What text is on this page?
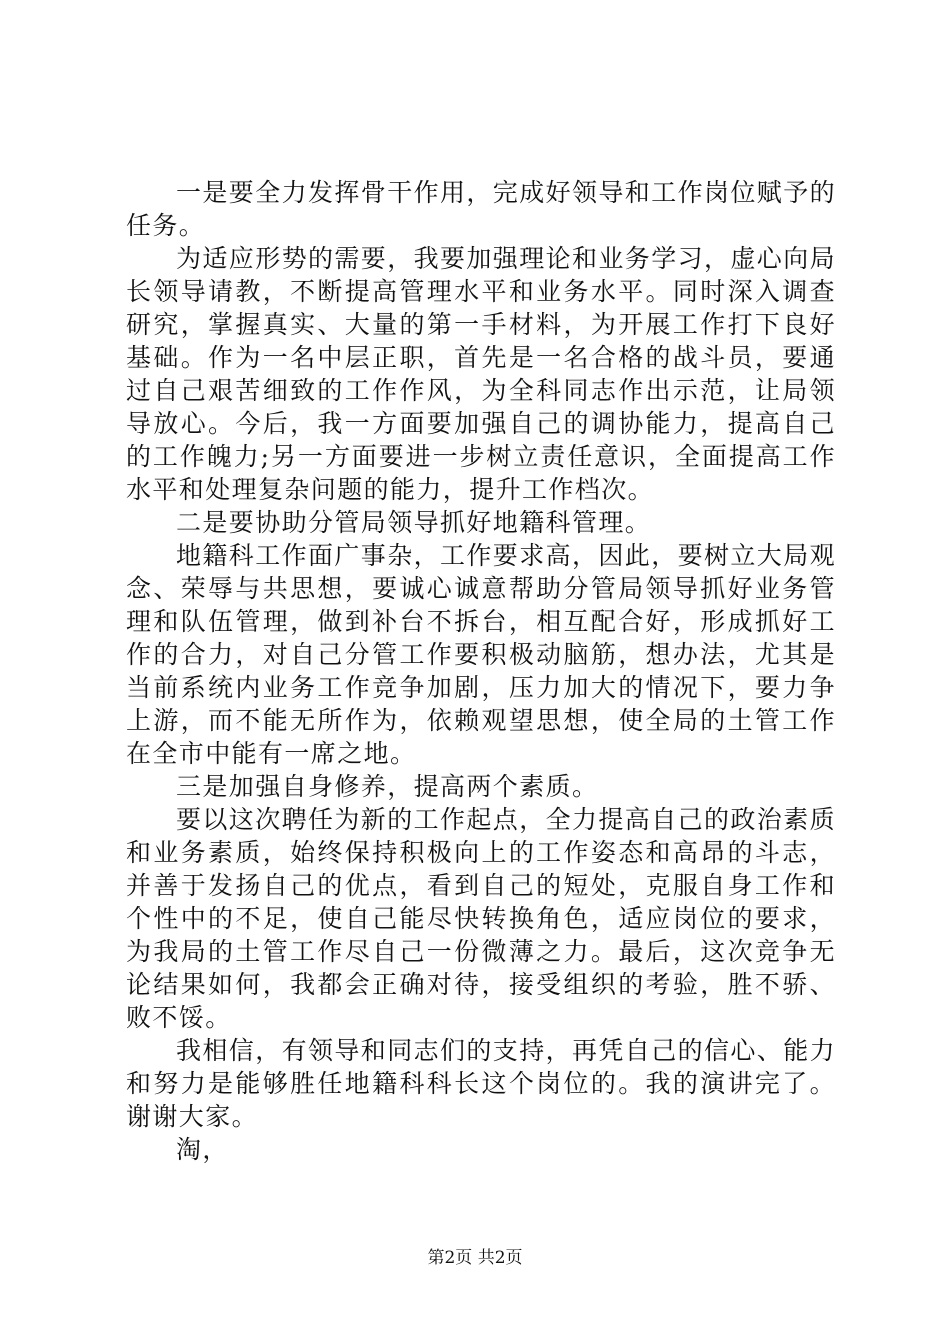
一是要全力发挥骨干作用，完成好领导和工作岗位赋予的任务。

为适应形势的需要，我要加强理论和业务学习，虚心向局长领导请教，不断提高管理水平和业务水平。同时深入调查研究，掌握真实、大量的第一手材料，为开展工作打下良好基础。作为一名中层正职，首先是一名合格的战斗员，要通过自己艰苦细致的工作作风，为全科同志作出示范，让局领导放心。今后，我一方面要加强自己的调协能力，提高自己的工作魄力;另一方面要进一步树立责任意识，全面提高工作水平和处理复杂问题的能力，提升工作档次。

二是要协助分管局领导抓好地籍科管理。

地籍科工作面广事杂，工作要求高，因此，要树立大局观念、荣辱与共思想，要诚心诚意帮助分管局领导抓好业务管理和队伍管理，做到补台不拆台，相互配合好，形成抓好工作的合力，对自己分管工作要积极动脑筋，想办法，尤其是当前系统内业务工作竞争加剧，压力加大的情况下，要力争上游，而不能无所作为，依赖观望思想，使全局的土管工作在全市中能有一席之地。

三是加强自身修养，提高两个素质。

要以这次聘任为新的工作起点，全力提高自己的政治素质和业务素质，始终保持积极向上的工作姿态和高昂的斗志，并善于发扬自己的优点，看到自己的短处，克服自身工作和个性中的不足，使自己能尽快转换角色，适应岗位的要求，为我局的土管工作尽自己一份微薄之力。最后，这次竞争无论结果如何，我都会正确对待，接受组织的考验，胜不骄、败不馁。

我相信，有领导和同志们的支持，再凭自己的信心、能力和努力是能够胜任地籍科科长这个岗位的。我的演讲完了。谢谢大家。

淘，

第2页 共2页
